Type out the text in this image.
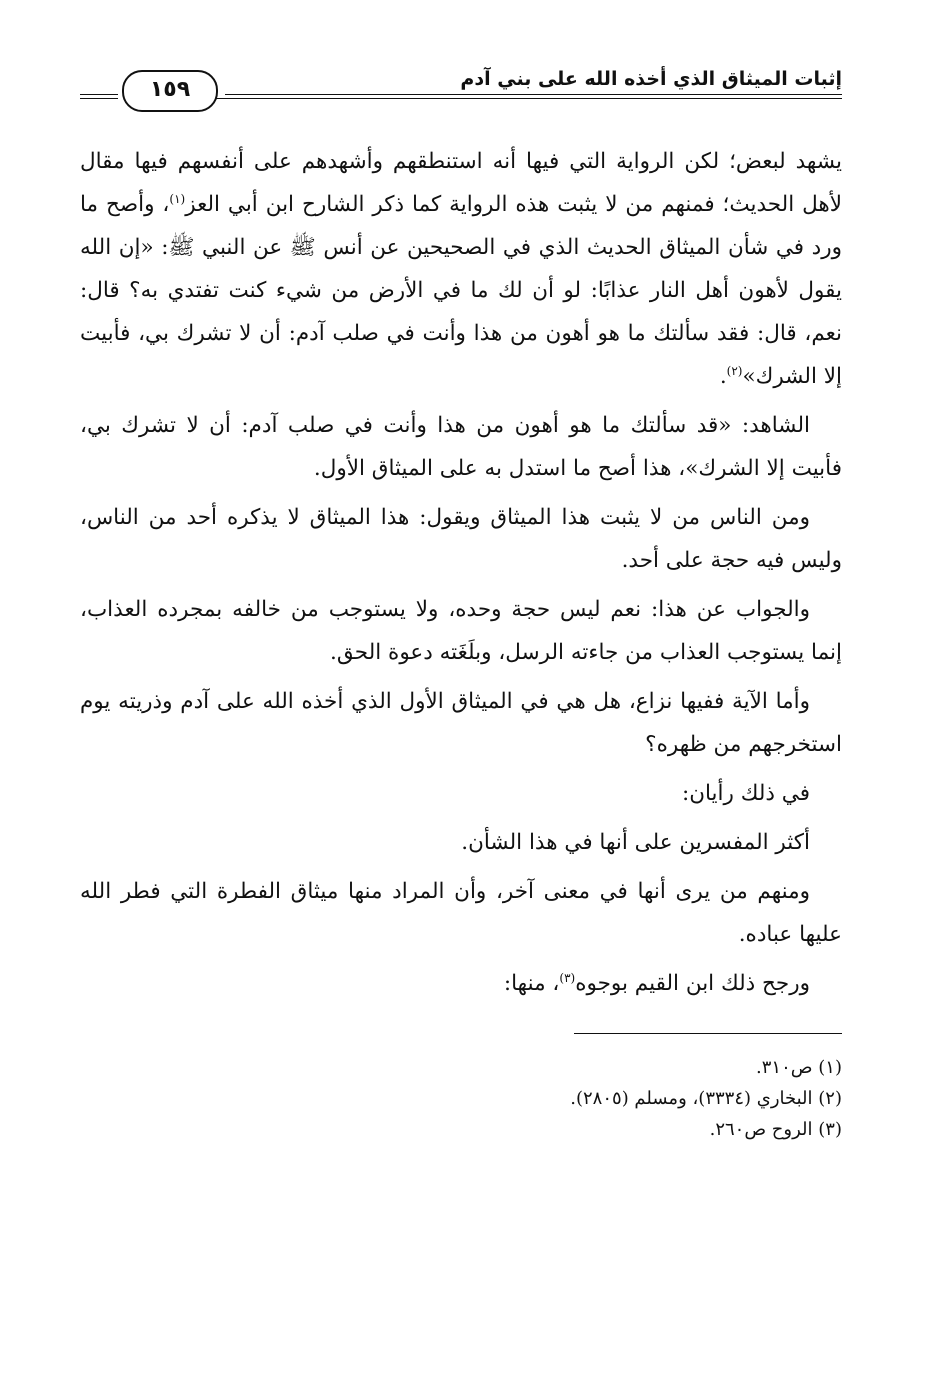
إثبات الميثاق الذي أخذه الله على بني آدم
١٥٩

يشهد لبعض؛ لكن الرواية التي فيها أنه استنطقهم وأشهدهم على أنفسهم فيها مقال لأهل الحديث؛ فمنهم من لا يثبت هذه الرواية كما ذكر الشارح ابن أبي العز$^{(١)}$، وأصح ما ورد في شأن الميثاق الحديث الذي في الصحيحين عن أنس ﷺ عن النبي ﷺ: «إن الله يقول لأهون أهل النار عذابًا: لو أن لك ما في الأرض من شيء كنت تفتدي به؟ قال: نعم، قال: فقد سألتك ما هو أهون من هذا وأنت في صلب آدم: أن لا تشرك بي، فأبيت إلا الشرك»$^{(٢)}$.

الشاهد: «قد سألتك ما هو أهون من هذا وأنت في صلب آدم: أن لا تشرك بي، فأبيت إلا الشرك»، هذا أصح ما استدل به على الميثاق الأول.

ومن الناس من لا يثبت هذا الميثاق ويقول: هذا الميثاق لا يذكره أحد من الناس، وليس فيه حجة على أحد.

والجواب عن هذا: نعم ليس حجة وحده، ولا يستوجب من خالفه بمجرده العذاب، إنما يستوجب العذاب من جاءته الرسل، وبلَغَته دعوة الحق.

وأما الآية ففيها نزاع، هل هي في الميثاق الأول الذي أخذه الله على آدم وذريته يوم استخرجهم من ظهره؟

في ذلك رأيان:

أكثر المفسرين على أنها في هذا الشأن.

ومنهم من يرى أنها في معنى آخر، وأن المراد منها ميثاق الفطرة التي فطر الله عليها عباده.

ورجح ذلك ابن القيم بوجوه$^{(٣)}$، منها:

(١) ص٣١٠.
(٢) البخاري (٣٣٣٤)، ومسلم (٢٨٠٥).
(٣) الروح ص٢٦٠.
